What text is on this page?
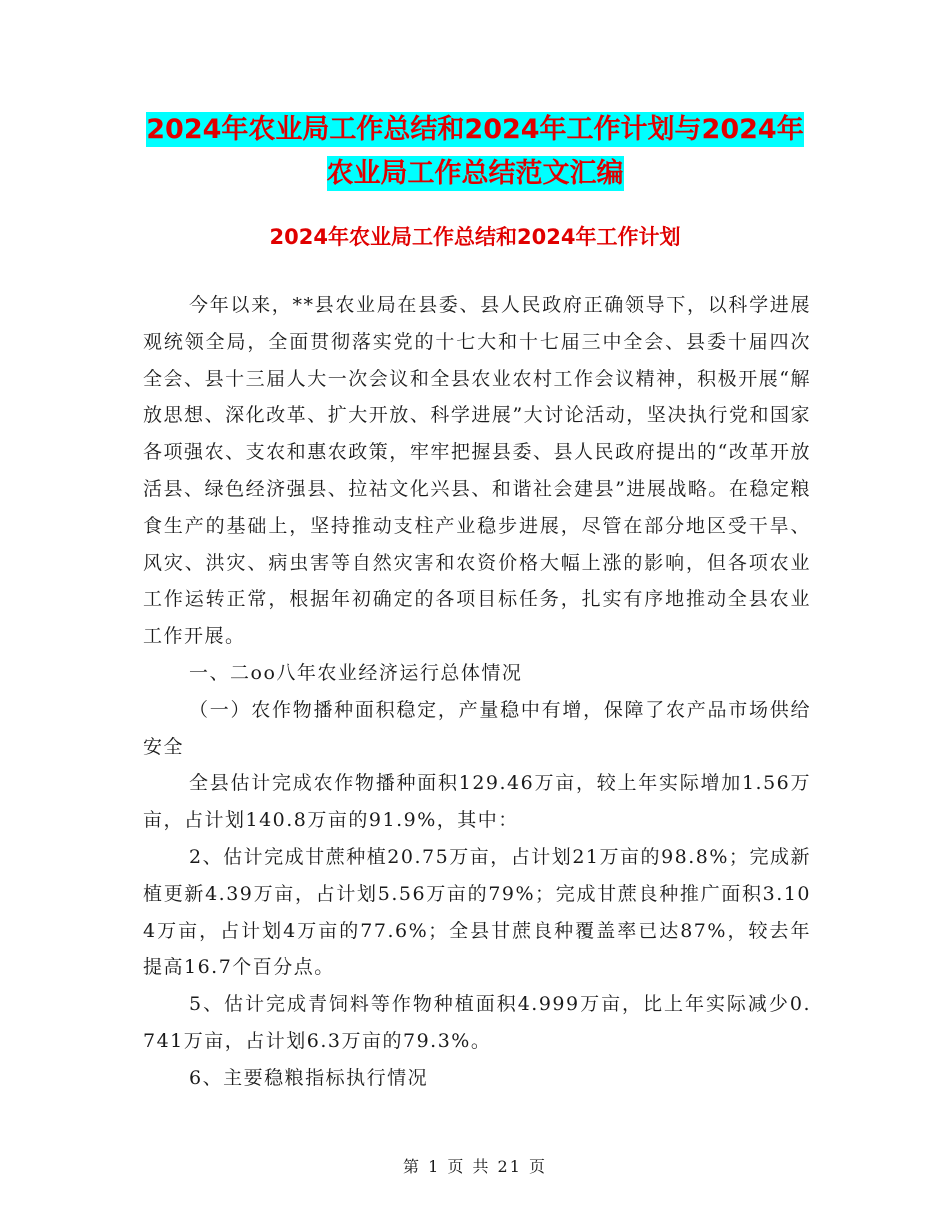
2024年农业局工作总结和2024年工作计划与2024年
农业局工作总结范文汇编
2024年农业局工作总结和2024年工作计划

今年以来，**县农业局在县委、县人民政府正确领导下，以科学进展观统领全局，全面贯彻落实党的十七大和十七届三中全会、县委十届四次全会、县十三届人大一次会议和全县农业农村工作会议精神，积极开展“解放思想、深化改革、扩大开放、科学进展”大讨论活动，坚决执行党和国家各项强农、支农和惠农政策，牢牢把握县委、县人民政府提出的“改革开放活县、绿色经济强县、拉祜文化兴县、和谐社会建县”进展战略。在稳定粮食生产的基础上，坚持推动支柱产业稳步进展，尽管在部分地区受干旱、风灾、洪灾、病虫害等自然灾害和农资价格大幅上涨的影响，但各项农业工作运转正常，根据年初确定的各项目标任务，扎实有序地推动全县农业工作开展。

一、二oo八年农业经济运行总体情况

（一）农作物播种面积稳定，产量稳中有增，保障了农产品市场供给安全

全县估计完成农作物播种面积129.46万亩，较上年实际增加1.56万亩，占计划140.8万亩的91.9%，其中：

2、估计完成甘蔗种植20.75万亩，占计划21万亩的98.8%；完成新植更新4.39万亩，占计划5.56万亩的79%；完成甘蔗良种推广面积3.104万亩，占计划4万亩的77.6%；全县甘蔗良种覆盖率已达87%，较去年提高16.7个百分点。

5、估计完成青饲料等作物种植面积4.999万亩，比上年实际减少0.741万亩，占计划6.3万亩的79.3%。

6、主要稳粮指标执行情况

第 1 页 共 21 页
